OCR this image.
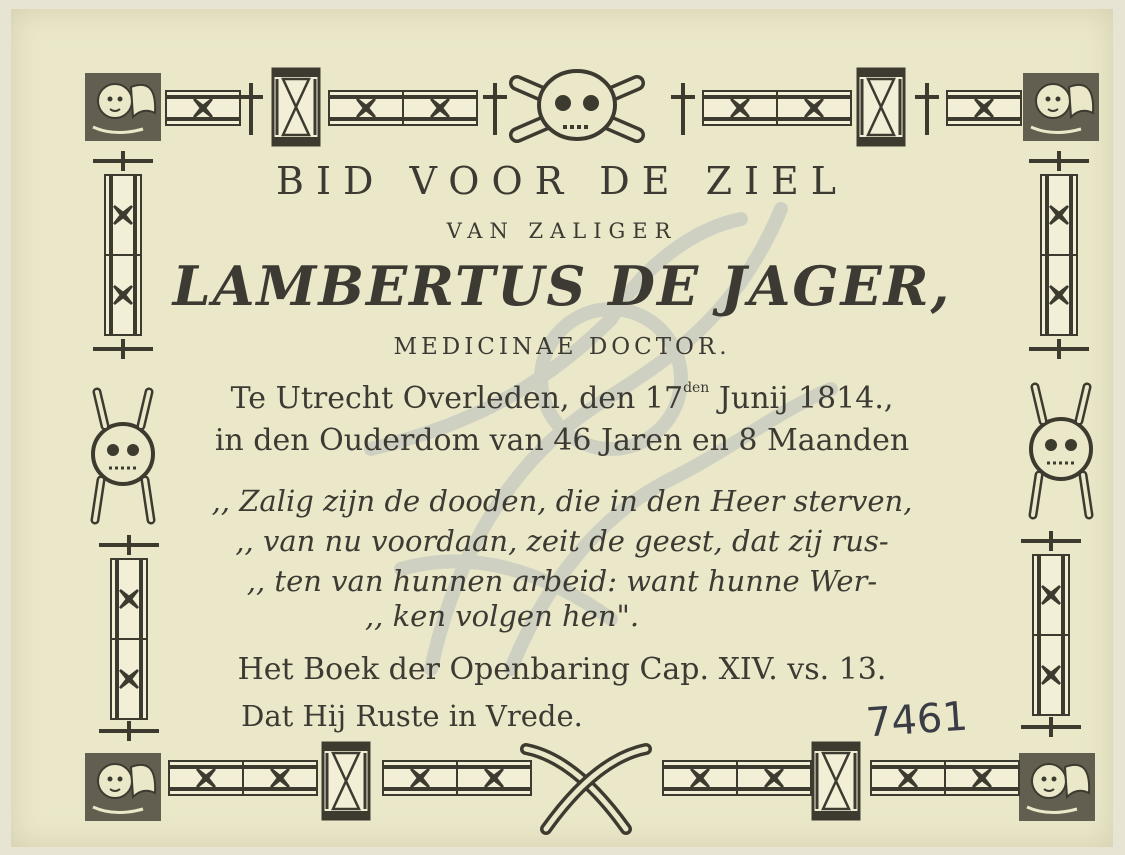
BID VOOR DE ZIEL
VAN ZALIGER
LAMBERTUS DE JAGER,
MEDICINAE DOCTOR.
Te Utrecht Overleden, den $17^{den}$ Junij 1814.,
in den Ouderdom van 46 Jaren en 8 Maanden
,, Zalig zijn de dooden, die in den Heer sterven,
,, van nu voordaan, zeit de geest, dat zij rus-
,, ten van hunnen arbeid: want hunne Wer-
,, ken volgen hen".
Het Boek der Openbaring Cap. XIV. vs. 13.
Dat Hij Ruste in Vrede.	7461
